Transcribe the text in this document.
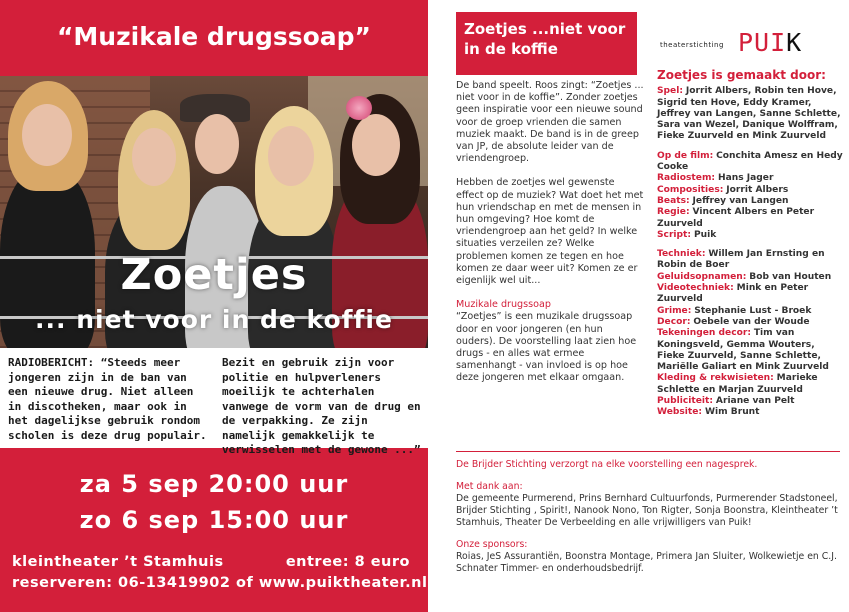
“Muzikale drugssoap”
Zoetjes
... niet voor in de koffie
RADIOBERICHT: “Steeds meer jongeren zijn in de ban van een nieuwe drug. Niet alleen in discotheken, maar ook in het dagelijkse gebruik rondom scholen is deze drug populair.
Bezit en gebruik zijn voor politie en hulpverleners moeilijk te achterhalen vanwege de vorm van de drug en de verpakking. Ze zijn namelijk gemakkelijk te verwisselen met de gewone ...”
za 5 sep 20:00 uur
zo 6 sep 15:00 uur
kleintheater ’t Stamhuis	entree: 8 euro
reserveren: 06-13419902 of www.puiktheater.nl
Zoetjes ...niet voor in de koffie

De band speelt. Roos zingt: “Zoetjes ... niet voor in de koffie”. Zonder zoetjes geen inspiratie voor een nieuwe sound voor de groep vrienden die samen muziek maakt. De band is in de greep van JP, de absolute leider van de vriendengroep.

Hebben de zoetjes wel gewenste effect op de muziek? Wat doet het met hun vriendschap en met de mensen in hun omgeving? Hoe komt de vriendengroep aan het geld? In welke situaties verzeilen ze? Welke problemen komen ze tegen en hoe komen ze daar weer uit? Komen ze er eigenlijk wel uit...

Muzikale drugssoap

“Zoetjes” is een muzikale drugssoap door en voor jongeren (en hun ouders). De voorstelling laat zien hoe drugs - en alles wat ermee samenhangt - van invloed is op hoe deze jongeren met elkaar omgaan.

theaterstichting PUIK
Zoetjes is gemaakt door:
Spel: Jorrit Albers, Robin ten Hove, Sigrid ten Hove, Eddy Kramer, Jeffrey van Langen, Sanne Schlette, Sara van Wezel, Danique Wolffram, Fieke Zuurveld en Mink Zuurveld
Op de film: Conchita Amesz en Hedy Cooke
Radiostem: Hans Jager
Composities: Jorrit Albers
Beats: Jeffrey van Langen
Regie: Vincent Albers en Peter Zuurveld
Script: Puik
Techniek: Willem Jan Ernsting en Robin de Boer
Geluidsopnamen: Bob van Houten
Videotechniek: Mink en Peter Zuurveld
Grime: Stephanie Lust - Broek
Decor: Oebele van der Woude
Tekeningen decor: Tim van Koningsveld, Gemma Wouters, Fieke Zuurveld, Sanne Schlette, Mariëlle Galiart en Mink Zuurveld
Kleding & rekwisieten: Marieke Schlette en Marjan Zuurveld
Publiciteit: Ariane van Pelt
Website: Wim Brunt

De Brijder Stichting verzorgt na elke voorstelling een nagesprek.

Met dank aan:

De gemeente Purmerend, Prins Bernhard Cultuurfonds, Purmerender Stadstoneel, Brijder Stichting , Spirit!, Nanook Nono, Ton Rigter, Sonja Boonstra, Kleintheater ’t Stamhuis, Theater De Verbeelding en alle vrijwilligers van Puik!

Onze sponsors:

Roias, JeS Assurantiën, Boonstra Montage, Primera Jan Sluiter, Wolkewietje en C.J. Schnater Timmer- en onderhoudsbedrijf.
